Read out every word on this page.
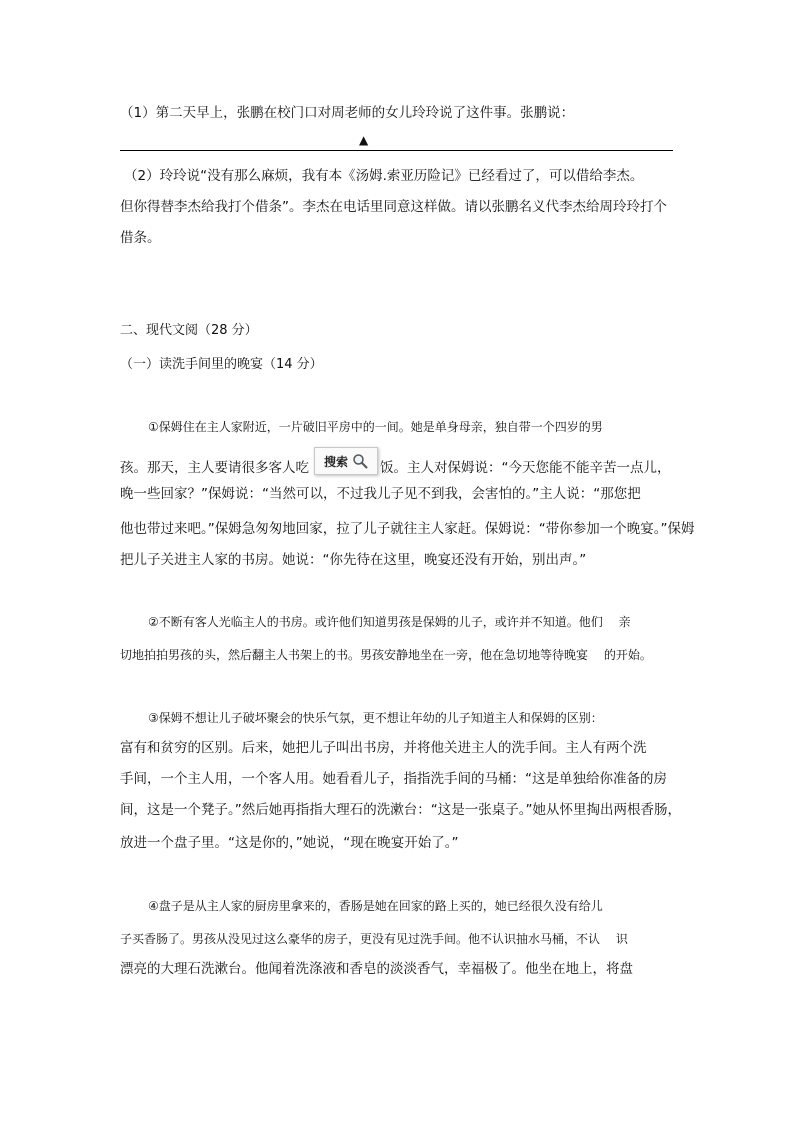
（1）第二天早上，张鹏在校门口对周老师的女儿玲玲说了这件事。张鹏说：
▲
（2）玲玲说“没有那么麻烦，我有本《汤姆.索亚历险记》已经看过了，可以借给李杰。
但你得替李杰给我打个借条”。李杰在电话里同意这样做。请以张鹏名义代李杰给周玲玲打个
借条。
二、现代文阅（28 分）
（一）读洗手间里的晚宴（14 分）
①保姆住在主人家附近，一片破旧平房中的一间。她是单身母亲，独自带一个四岁的男
孩。那天，主人要请很多客人吃	饭。主人对保姆说：“今天您能不能辛苦一点儿，
搜索
晚一些回家？”保姆说：“当然可以，不过我儿子见不到我，会害怕的。”主人说：“那您把
他也带过来吧。”保姆急匆匆地回家，拉了儿子就往主人家赶。保姆说：“带你参加一个晚宴。”保姆
把儿子关进主人家的书房。她说：“你先待在这里，晚宴还没有开始，别出声。”
②不断有客人光临主人的书房。或许他们知道男孩是保姆的儿子，或许并不知道。他们　 亲
切地拍拍男孩的头，然后翻主人书架上的书。男孩安静地坐在一旁，他在急切地等待晚宴　 的开始。
③保姆不想让儿子破坏聚会的快乐气氛，更不想让年幼的儿子知道主人和保姆的区别：
富有和贫穷的区别。后来，她把儿子叫出书房，并将他关进主人的洗手间。主人有两个洗
手间，一个主人用，一个客人用。她看看儿子，指指洗手间的马桶：“这是单独给你准备的房
间，这是一个凳子。”然后她再指指大理石的洗漱台：“这是一张桌子。”她从怀里掏出两根香肠，
放进一个盘子里。“这是你的，”她说，“现在晚宴开始了。”
④盘子是从主人家的厨房里拿来的，香肠是她在回家的路上买的，她已经很久没有给儿
子买香肠了。男孩从没见过这么豪华的房子，更没有见过洗手间。他不认识抽水马桶，不认　 识
漂亮的大理石洗漱台。他闻着洗涤液和香皂的淡淡香气，幸福极了。他坐在地上，将盘
